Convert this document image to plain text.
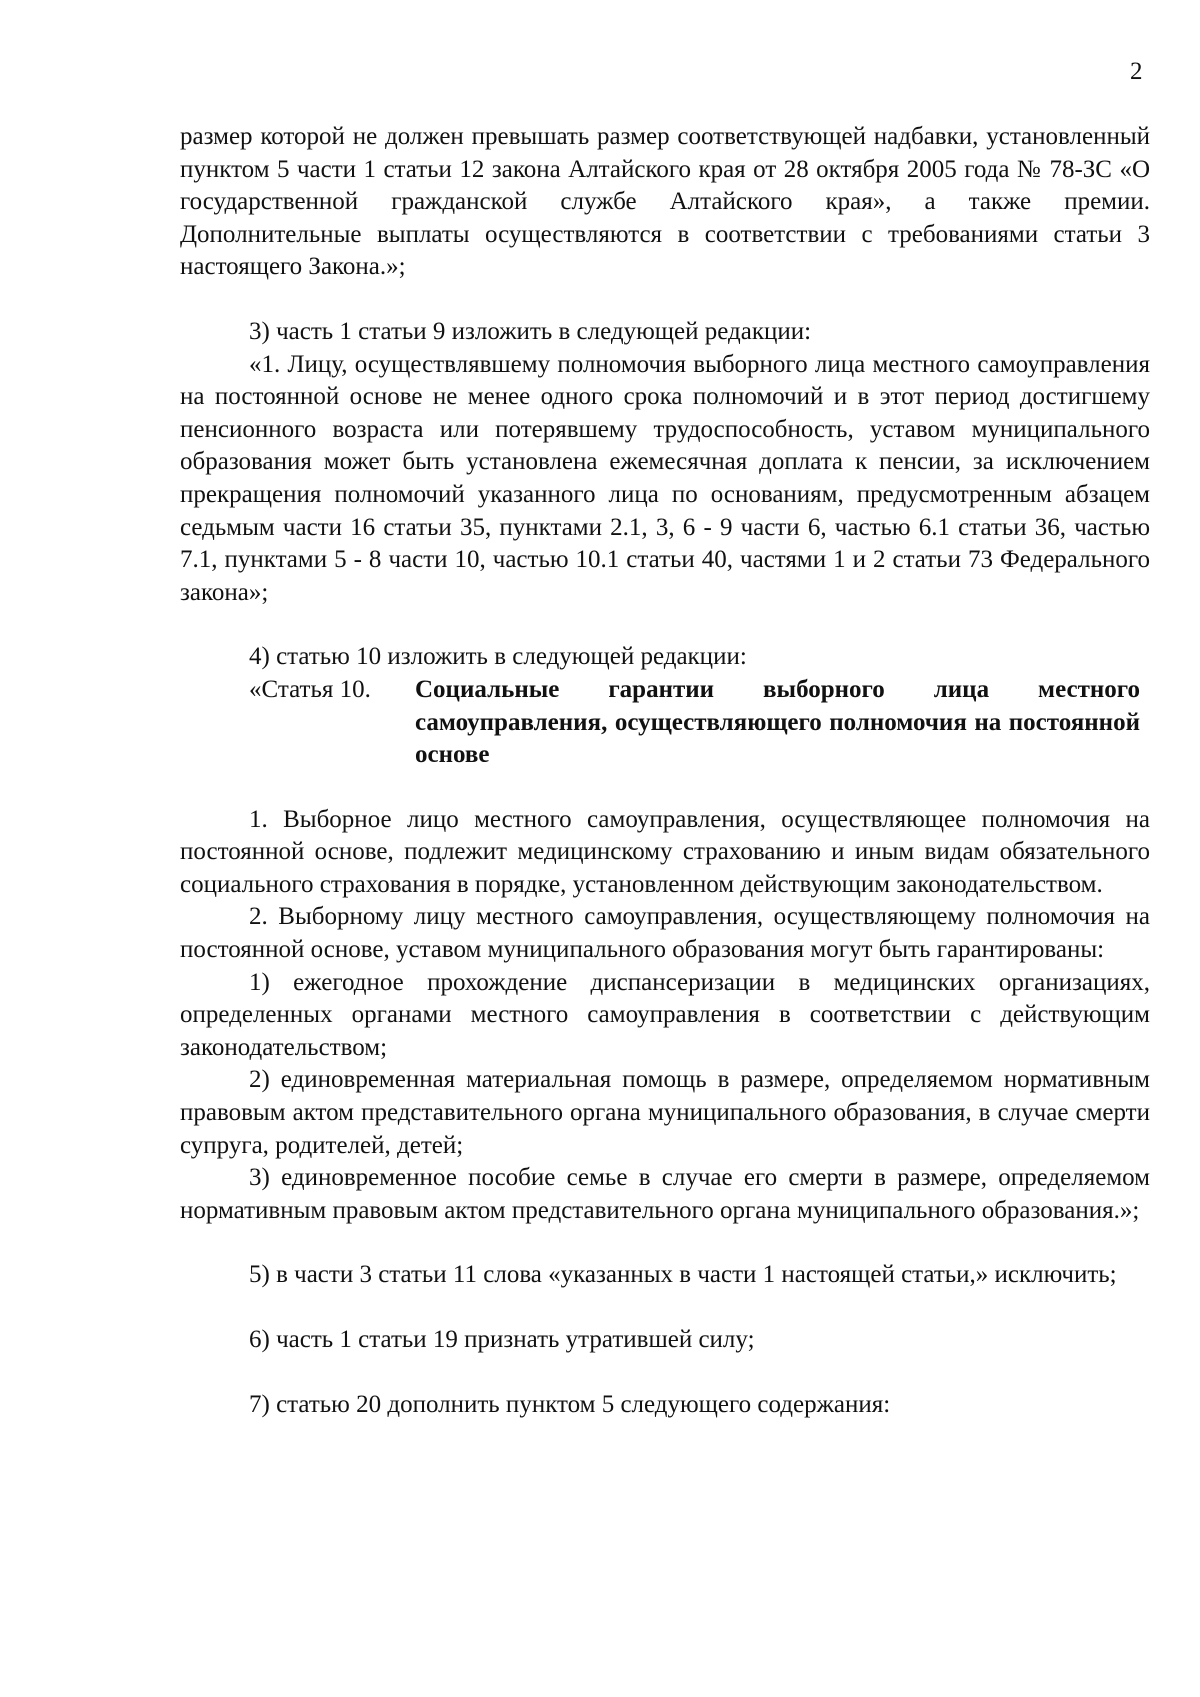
2

размер которой не должен превышать размер соответствующей надбавки, установленный пунктом 5 части 1 статьи 12 закона Алтайского края от 28 октября 2005 года № 78-ЗС «О государственной гражданской службе Алтайского края», а также премии. Дополнительные выплаты осуществляются в соответствии с требованиями статьи 3 настоящего Закона.»;

3) часть 1 статьи 9 изложить в следующей редакции:

«1. Лицу, осуществлявшему полномочия выборного лица местного самоуправления на постоянной основе не менее одного срока полномочий и в этот период достигшему пенсионного возраста или потерявшему трудоспособность, уставом муниципального образования может быть установлена ежемесячная доплата к пенсии, за исключением прекращения полномочий указанного лица по основаниям, предусмотренным абзацем седьмым части 16 статьи 35, пунктами 2.1, 3, 6 - 9 части 6, частью 6.1 статьи 36, частью 7.1, пунктами 5 - 8 части 10, частью 10.1 статьи 40, частями 1 и 2 статьи 73 Федерального закона»;

4) статью 10 изложить в следующей редакции:

«Статья 10.	Социальные гарантии выборного лица местного самоуправления, осуществляющего полномочия на постоянной основе

1. Выборное лицо местного самоуправления, осуществляющее полномочия на постоянной основе, подлежит медицинскому страхованию и иным видам обязательного социального страхования в порядке, установленном действующим законодательством.

2. Выборному лицу местного самоуправления, осуществляющему полномочия на постоянной основе, уставом муниципального образования могут быть гарантированы:

1) ежегодное прохождение диспансеризации в медицинских организациях, определенных органами местного самоуправления в соответствии с действующим законодательством;

2) единовременная материальная помощь в размере, определяемом нормативным правовым актом представительного органа муниципального образования, в случае смерти супруга, родителей, детей;

3) единовременное пособие семье в случае его смерти в размере, определяемом нормативным правовым актом представительного органа муниципального образования.»;

5) в части 3 статьи 11 слова «указанных в части 1 настоящей статьи,» исключить;

6) часть 1 статьи 19 признать утратившей силу;

7) статью 20 дополнить пунктом 5 следующего содержания:
